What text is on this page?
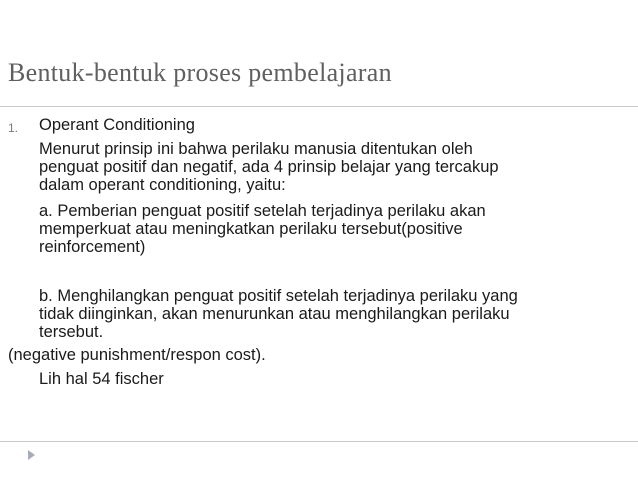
Bentuk-bentuk proses pembelajaran
1. Operant Conditioning
Menurut prinsip ini bahwa perilaku manusia ditentukan oleh
penguat positif dan negatif, ada 4 prinsip belajar yang tercakup
dalam operant conditioning, yaitu:
a. Pemberian penguat positif setelah terjadinya perilaku akan
memperkuat atau meningkatkan perilaku tersebut(positive
reinforcement)
b. Menghilangkan penguat positif setelah terjadinya perilaku yang
tidak diinginkan, akan menurunkan atau menghilangkan perilaku
tersebut.
(negative punishment/respon cost).
Lih hal 54 fischer
